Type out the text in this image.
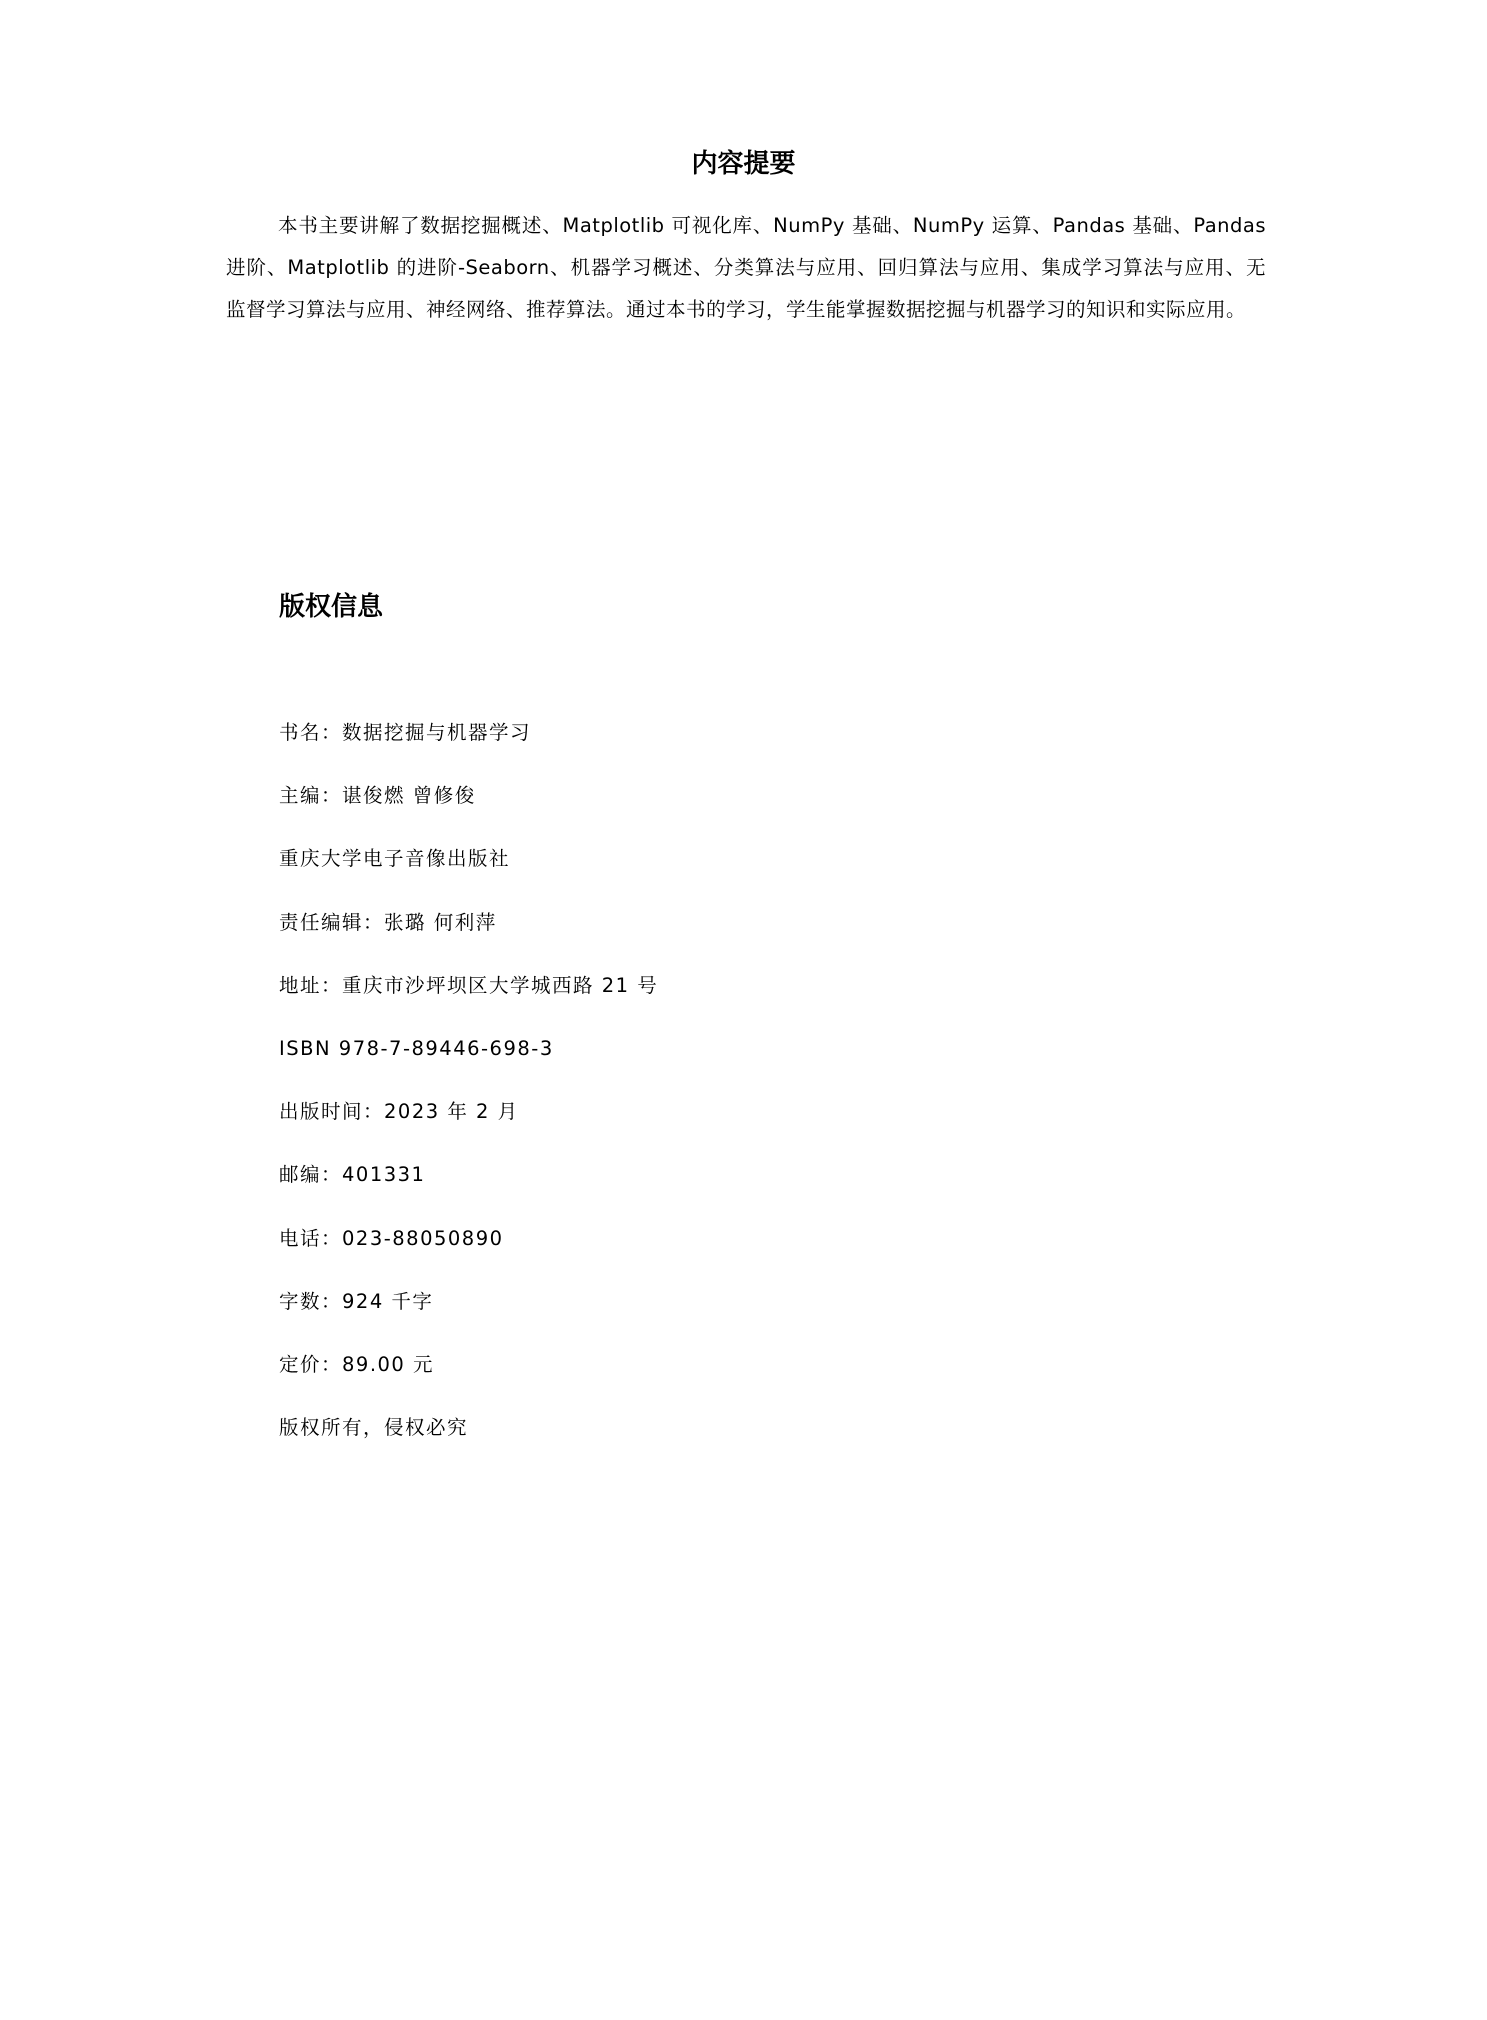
内容提要
本书主要讲解了数据挖掘概述、Matplotlib 可视化库、NumPy 基础、NumPy 运算、Pandas 基础、Pandas 进阶、Matplotlib 的进阶-Seaborn、机器学习概述、分类算法与应用、回归算法与应用、集成学习算法与应用、无监督学习算法与应用、神经网络、推荐算法。通过本书的学习，学生能掌握数据挖掘与机器学习的知识和实际应用。
版权信息
书名：数据挖掘与机器学习
主编：谌俊燃 曾修俊
重庆大学电子音像出版社
责任编辑：张璐 何利萍
地址：重庆市沙坪坝区大学城西路 21 号
ISBN 978-7-89446-698-3
出版时间：2023 年 2 月
邮编：401331
电话：023-88050890
字数：924 千字
定价：89.00 元
版权所有，侵权必究
